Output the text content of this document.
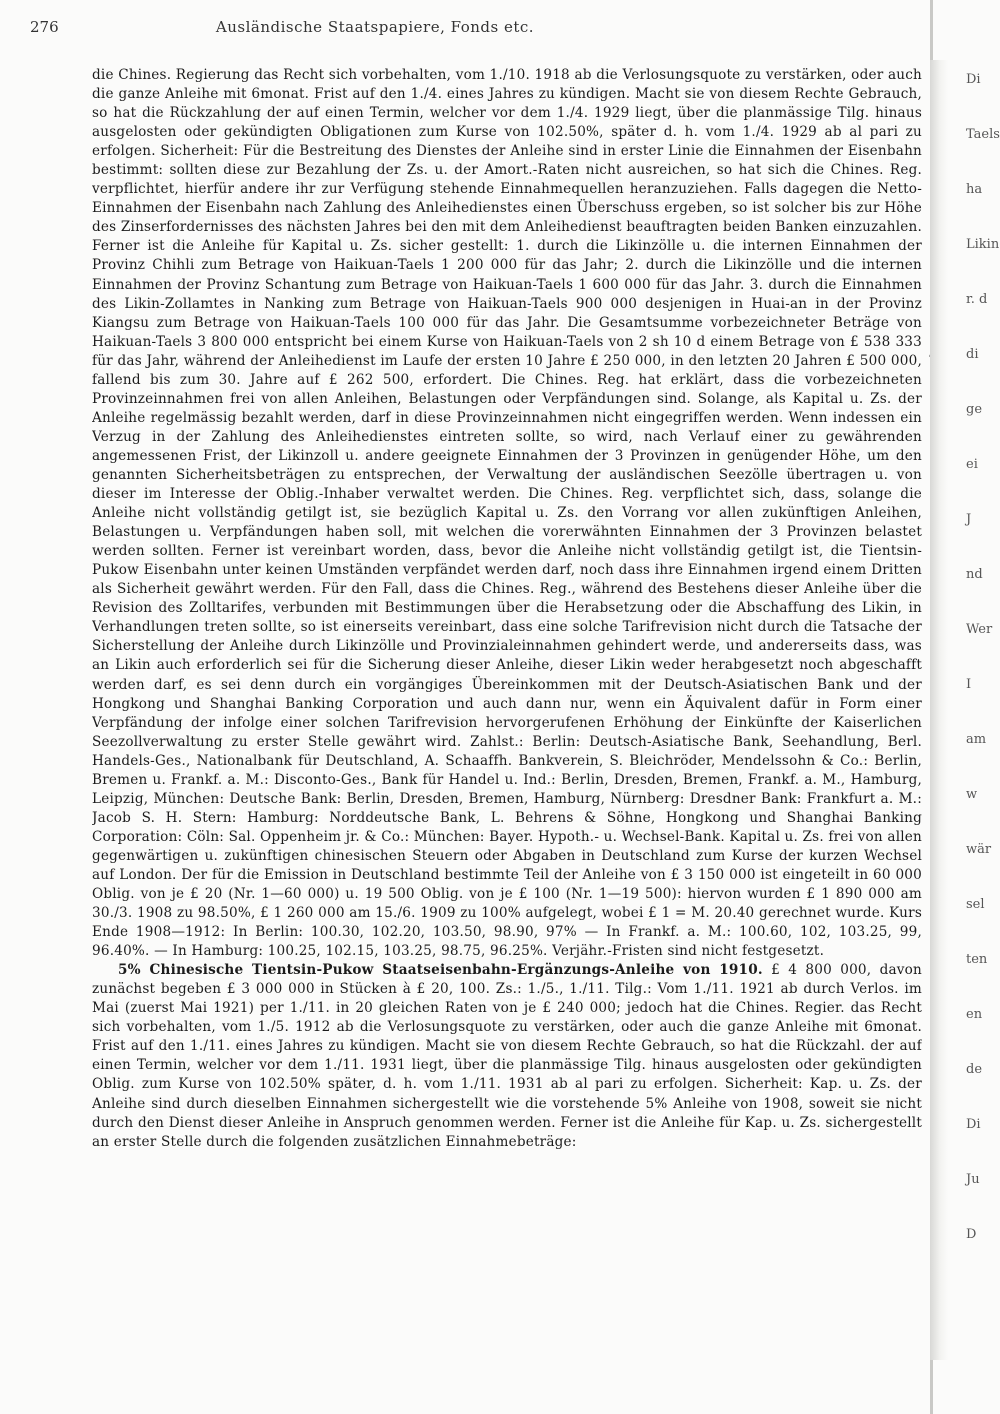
276	Ausländische Staatspapiere, Fonds etc.

die Chines. Regierung das Recht sich vorbehalten, vom 1./10. 1918 ab die Verlosungsquote zu verstärken, oder auch die ganze Anleihe mit 6monat. Frist auf den 1./4. eines Jahres zu kündigen. Macht sie von diesem Rechte Gebrauch, so hat die Rückzahlung der auf einen Termin, welcher vor dem 1./4. 1929 liegt, über die planmässige Tilg. hinaus ausgelosten oder gekündigten Obligationen zum Kurse von 102.50%, später d. h. vom 1./4. 1929 ab al pari zu erfolgen. Sicherheit: Für die Bestreitung des Dienstes der Anleihe sind in erster Linie die Einnahmen der Eisenbahn bestimmt: sollten diese zur Bezahlung der Zs. u. der Amort.-Raten nicht ausreichen, so hat sich die Chines. Reg. verpflichtet, hierfür andere ihr zur Verfügung stehende Einnahmequellen heranzuziehen. Falls dagegen die Netto-Einnahmen der Eisenbahn nach Zahlung des Anleihedienstes einen Überschuss ergeben, so ist solcher bis zur Höhe des Zinserfordernisses des nächsten Jahres bei den mit dem Anleihedienst beauftragten beiden Banken einzuzahlen. Ferner ist die Anleihe für Kapital u. Zs. sicher gestellt: 1. durch die Likinzölle u. die internen Einnahmen der Provinz Chihli zum Betrage von Haikuan-Taels 1 200 000 für das Jahr; 2. durch die Likinzölle und die internen Einnahmen der Provinz Schantung zum Betrage von Haikuan-Taels 1 600 000 für das Jahr. 3. durch die Einnahmen des Likin-Zollamtes in Nanking zum Betrage von Haikuan-Taels 900 000 desjenigen in Huai-an in der Provinz Kiangsu zum Betrage von Haikuan-Taels 100 000 für das Jahr. Die Gesamtsumme vorbezeichneter Beträge von Haikuan-Taels 3 800 000 entspricht bei einem Kurse von Haikuan-Taels von 2 sh 10 d einem Betrage von £ 538 333 für das Jahr, während der Anleihedienst im Laufe der ersten 10 Jahre £ 250 000, in den letzten 20 Jahren £ 500 000, fallend bis zum 30. Jahre auf £ 262 500, erfordert. Die Chines. Reg. hat erklärt, dass die vorbezeichneten Provinzeinnahmen frei von allen Anleihen, Belastungen oder Verpfändungen sind. Solange, als Kapital u. Zs. der Anleihe regelmässig bezahlt werden, darf in diese Provinzeinnahmen nicht eingegriffen werden. Wenn indessen ein Verzug in der Zahlung des Anleihedienstes eintreten sollte, so wird, nach Verlauf einer zu gewährenden angemessenen Frist, der Likinzoll u. andere geeignete Einnahmen der 3 Provinzen in genügender Höhe, um den genannten Sicherheitsbeträgen zu entsprechen, der Verwaltung der ausländischen Seezölle übertragen u. von dieser im Interesse der Oblig.-Inhaber verwaltet werden. Die Chines. Reg. verpflichtet sich, dass, solange die Anleihe nicht vollständig getilgt ist, sie bezüglich Kapital u. Zs. den Vorrang vor allen zukünftigen Anleihen, Belastungen u. Verpfändungen haben soll, mit welchen die vorerwähnten Einnahmen der 3 Provinzen belastet werden sollten. Ferner ist vereinbart worden, dass, bevor die Anleihe nicht vollständig getilgt ist, die Tientsin-Pukow Eisenbahn unter keinen Umständen verpfändet werden darf, noch dass ihre Einnahmen irgend einem Dritten als Sicherheit gewährt werden. Für den Fall, dass die Chines. Reg., während des Bestehens dieser Anleihe über die Revision des Zolltarifes, verbunden mit Bestimmungen über die Herabsetzung oder die Abschaffung des Likin, in Verhandlungen treten sollte, so ist einerseits vereinbart, dass eine solche Tarifrevision nicht durch die Tatsache der Sicherstellung der Anleihe durch Likinzölle und Provinzialeinnahmen gehindert werde, und andererseits dass, was an Likin auch erforderlich sei für die Sicherung dieser Anleihe, dieser Likin weder herabgesetzt noch abgeschafft werden darf, es sei denn durch ein vorgängiges Übereinkommen mit der Deutsch-Asiatischen Bank und der Hongkong und Shanghai Banking Corporation und auch dann nur, wenn ein Äquivalent dafür in Form einer Verpfändung der infolge einer solchen Tarifrevision hervorgerufenen Erhöhung der Einkünfte der Kaiserlichen Seezollverwaltung zu erster Stelle gewährt wird. Zahlst.: Berlin: Deutsch-Asiatische Bank, Seehandlung, Berl. Handels-Ges., Nationalbank für Deutschland, A. Schaaffh. Bankverein, S. Bleichröder, Mendelssohn & Co.: Berlin, Bremen u. Frankf. a. M.: Disconto-Ges., Bank für Handel u. Ind.: Berlin, Dresden, Bremen, Frankf. a. M., Hamburg, Leipzig, München: Deutsche Bank: Berlin, Dresden, Bremen, Hamburg, Nürnberg: Dresdner Bank: Frankfurt a. M.: Jacob S. H. Stern: Hamburg: Norddeutsche Bank, L. Behrens & Söhne, Hongkong und Shanghai Banking Corporation: Cöln: Sal. Oppenheim jr. & Co.: München: Bayer. Hypoth.- u. Wechsel-Bank. Kapital u. Zs. frei von allen gegenwärtigen u. zukünftigen chinesischen Steuern oder Abgaben in Deutschland zum Kurse der kurzen Wechsel auf London. Der für die Emission in Deutschland bestimmte Teil der Anleihe von £ 3 150 000 ist eingeteilt in 60 000 Oblig. von je £ 20 (Nr. 1—60 000) u. 19 500 Oblig. von je £ 100 (Nr. 1—19 500): hiervon wurden £ 1 890 000 am 30./3. 1908 zu 98.50%, £ 1 260 000 am 15./6. 1909 zu 100% aufgelegt, wobei £ 1 = M. 20.40 gerechnet wurde. Kurs Ende 1908—1912: In Berlin: 100.30, 102.20, 103.50, 98.90, 97% — In Frankf. a. M.: 100.60, 102, 103.25, 99, 96.40%. — In Hamburg: 100.25, 102.15, 103.25, 98.75, 96.25%. Verjähr.-Fristen sind nicht festgesetzt.

5% Chinesische Tientsin-Pukow Staatseisenbahn-Ergänzungs-Anleihe von 1910. £ 4 800 000, davon zunächst begeben £ 3 000 000 in Stücken à £ 20, 100. Zs.: 1./5., 1./11. Tilg.: Vom 1./11. 1921 ab durch Verlos. im Mai (zuerst Mai 1921) per 1./11. in 20 gleichen Raten von je £ 240 000; jedoch hat die Chines. Regier. das Recht sich vorbehalten, vom 1./5. 1912 ab die Verlosungsquote zu verstärken, oder auch die ganze Anleihe mit 6monat. Frist auf den 1./11. eines Jahres zu kündigen. Macht sie von diesem Rechte Gebrauch, so hat die Rückzahl. der auf einen Termin, welcher vor dem 1./11. 1931 liegt, über die planmässige Tilg. hinaus ausgelosten oder gekündigten Oblig. zum Kurse von 102.50% später, d. h. vom 1./11. 1931 ab al pari zu erfolgen. Sicherheit: Kap. u. Zs. der Anleihe sind durch dieselben Einnahmen sichergestellt wie die vorstehende 5% Anleihe von 1908, soweit sie nicht durch den Dienst dieser Anleihe in Anspruch genommen werden. Ferner ist die Anleihe für Kap. u. Zs. sichergestellt an erster Stelle durch die folgenden zusätzlichen Einnahmebeträge:

Di
Taels
ha
Likin
r. d
di
ge
ei
J
nd
Wer
I
am
w
wär
sel
ten
en
de
Di
Ju
D
